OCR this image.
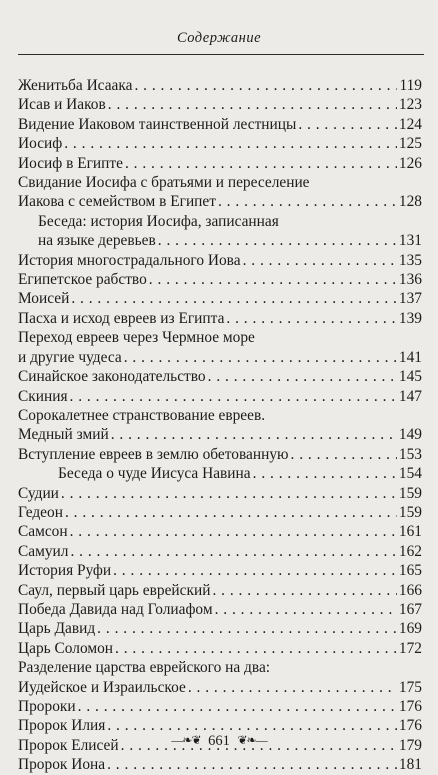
Содержание
Женитьба Исаака . . .	119
Исав и Иаков . . .	123
Видение Иаковом таинственной лестницы . . .	124
Иосиф . . .	125
Иосиф в Египте . . .	126
Свидание Иосифа с братьями и переселение
Иакова с семейством в Египет . . .	128
Беседа: история Иосифа, записанная
на языке деревьев . . .	131
История многострадального Иова . . .	135
Египетское рабство . . .	136
Моисей . . .	137
Пасха и исход евреев из Египта . . .	139
Переход евреев через Чермное море
и другие чудеса . . .	141
Синайское законодательство . . .	145
Скиния . . .	147
Сорокалетнее странствование евреев.
Медный змий . . .	149
Вступление евреев в землю обетованную . . .	153
Беседа о чуде Иисуса Навина . . .	154
Судии . . .	159
Гедеон . . .	159
Самсон . . .	161
Самуил . . .	162
История Руфи . . .	165
Саул, первый царь еврейский . . .	166
Победа Давида над Голиафом . . .	167
Царь Давид . . .	169
Царь Соломон . . .	172
Разделение царства еврейского на два:
Иудейское и Израильское . . .	175
Пророки . . .	176
Пророк Илия . . .	176
Пророк Елисей . . .	179
Пророк Иона . . .	181
—❧❦ 661 ❦❧—
